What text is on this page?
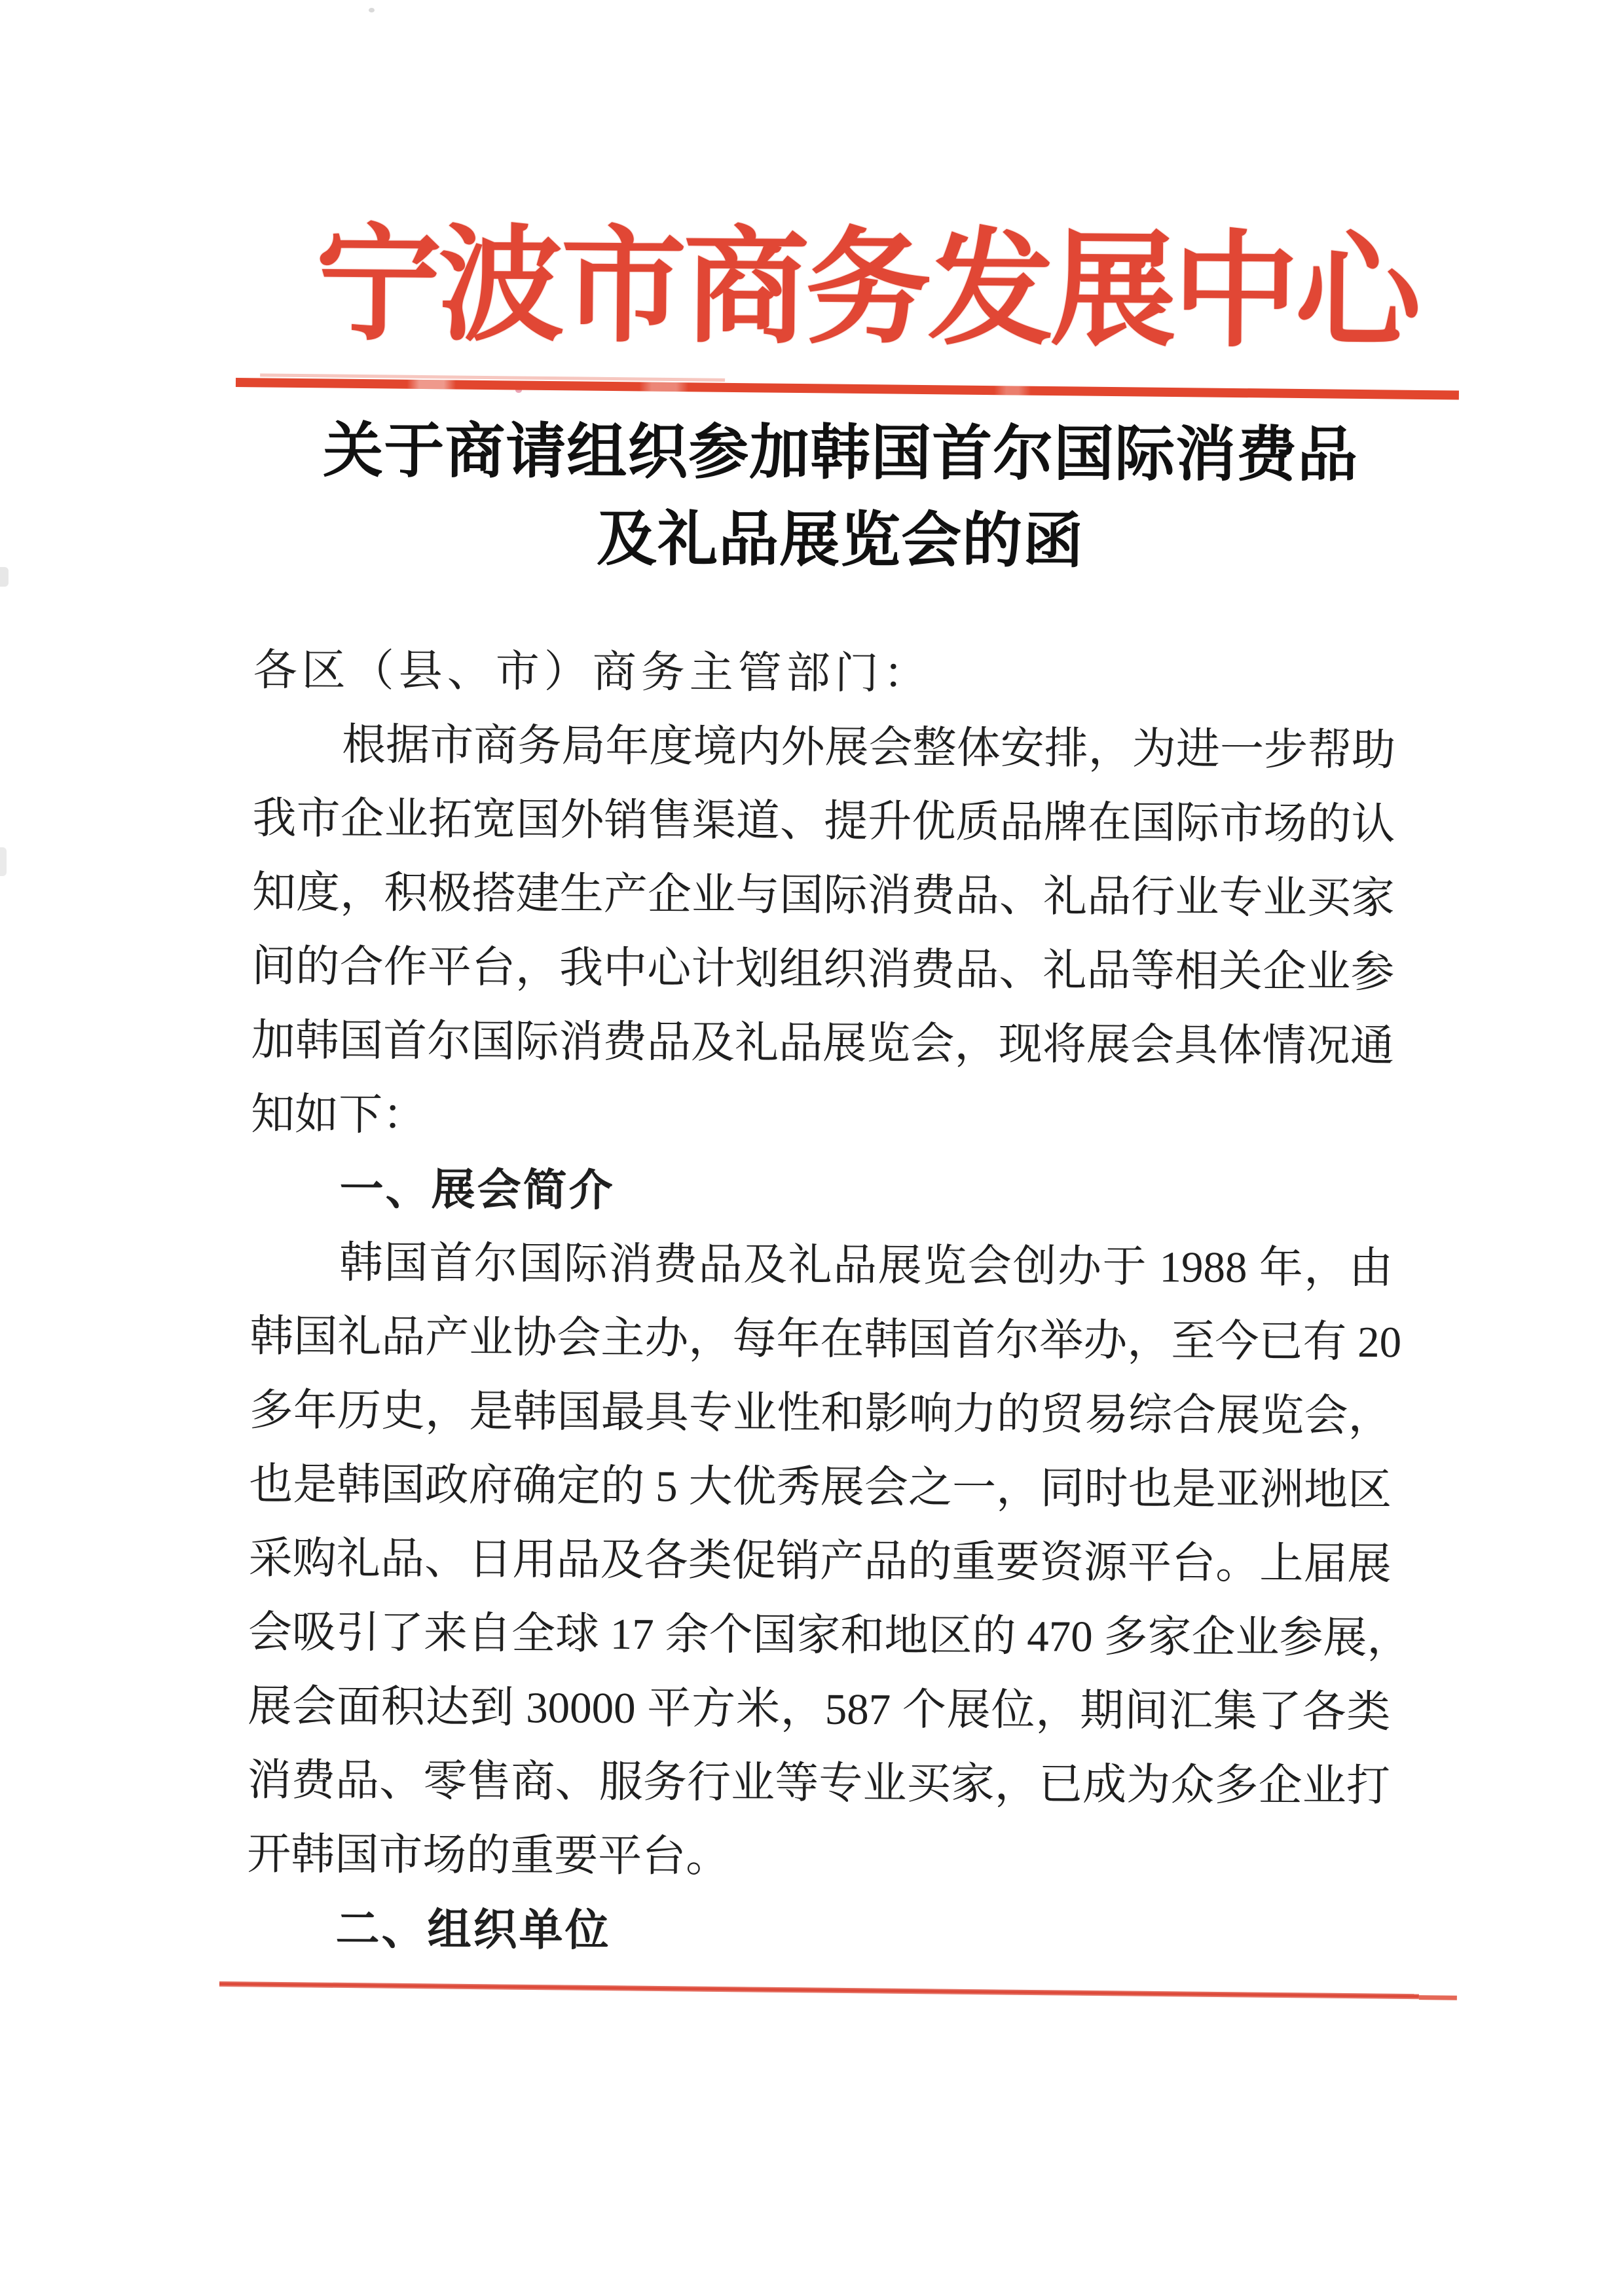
宁波市商务发展中心
关于商请组织参加韩国首尔国际消费品
及礼品展览会的函
各区（县、市）商务主管部门：
根据市商务局年度境内外展会整体安排，为进一步帮助
我市企业拓宽国外销售渠道、提升优质品牌在国际市场的认
知度，积极搭建生产企业与国际消费品、礼品行业专业买家
间的合作平台，我中心计划组织消费品、礼品等相关企业参
加韩国首尔国际消费品及礼品展览会，现将展会具体情况通
知如下：
一、展会简介
韩国首尔国际消费品及礼品展览会创办于 1988 年，由
韩国礼品产业协会主办，每年在韩国首尔举办，至今已有 20
多年历史，是韩国最具专业性和影响力的贸易综合展览会，
也是韩国政府确定的 5 大优秀展会之一，同时也是亚洲地区
采购礼品、日用品及各类促销产品的重要资源平台。上届展
会吸引了来自全球 17 余个国家和地区的 470 多家企业参展，
展会面积达到 30000 平方米，587 个展位，期间汇集了各类
消费品、零售商、服务行业等专业买家，已成为众多企业打
开韩国市场的重要平台。
二、组织单位
